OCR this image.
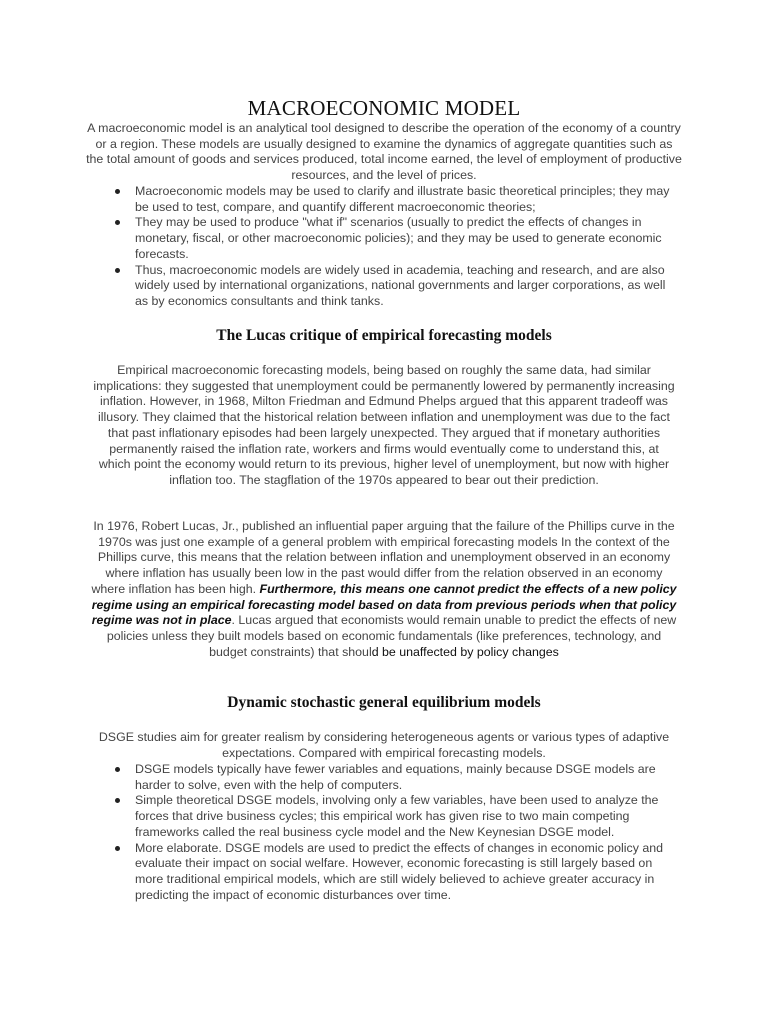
MACROECONOMIC MODEL

A macroeconomic model is an analytical tool designed to describe the operation of the economy of a country or a region. These models are usually designed to examine the dynamics of aggregate quantities such as the total amount of goods and services produced, total income earned, the level of employment of productive resources, and the level of prices.

Macroeconomic models may be used to clarify and illustrate basic theoretical principles; they may be used to test, compare, and quantify different macroeconomic theories;
They may be used to produce "what if" scenarios (usually to predict the effects of changes in monetary, fiscal, or other macroeconomic policies); and they may be used to generate economic forecasts.
Thus, macroeconomic models are widely used in academia, teaching and research, and are also widely used by international organizations, national governments and larger corporations, as well as by economics consultants and think tanks.
The Lucas critique of empirical forecasting models

Empirical macroeconomic forecasting models, being based on roughly the same data, had similar implications: they suggested that unemployment could be permanently lowered by permanently increasing inflation. However, in 1968, Milton Friedman and Edmund Phelps argued that this apparent tradeoff was illusory. They claimed that the historical relation between inflation and unemployment was due to the fact that past inflationary episodes had been largely unexpected. They argued that if monetary authorities permanently raised the inflation rate, workers and firms would eventually come to understand this, at which point the economy would return to its previous, higher level of unemployment, but now with higher inflation too. The stagflation of the 1970s appeared to bear out their prediction.

In 1976, Robert Lucas, Jr., published an influential paper arguing that the failure of the Phillips curve in the 1970s was just one example of a general problem with empirical forecasting models In the context of the Phillips curve, this means that the relation between inflation and unemployment observed in an economy where inflation has usually been low in the past would differ from the relation observed in an economy where inflation has been high. Furthermore, this means one cannot predict the effects of a new policy regime using an empirical forecasting model based on data from previous periods when that policy regime was not in place. Lucas argued that economists would remain unable to predict the effects of new policies unless they built models based on economic fundamentals (like preferences, technology, and budget constraints) that should be unaffected by policy changes

Dynamic stochastic general equilibrium models

DSGE studies aim for greater realism by considering heterogeneous agents or various types of adaptive expectations. Compared with empirical forecasting models.

DSGE models typically have fewer variables and equations, mainly because DSGE models are harder to solve, even with the help of computers.
Simple theoretical DSGE models, involving only a few variables, have been used to analyze the forces that drive business cycles; this empirical work has given rise to two main competing frameworks called the real business cycle model and the New Keynesian DSGE model.
More elaborate. DSGE models are used to predict the effects of changes in economic policy and evaluate their impact on social welfare. However, economic forecasting is still largely based on more traditional empirical models, which are still widely believed to achieve greater accuracy in predicting the impact of economic disturbances over time.
